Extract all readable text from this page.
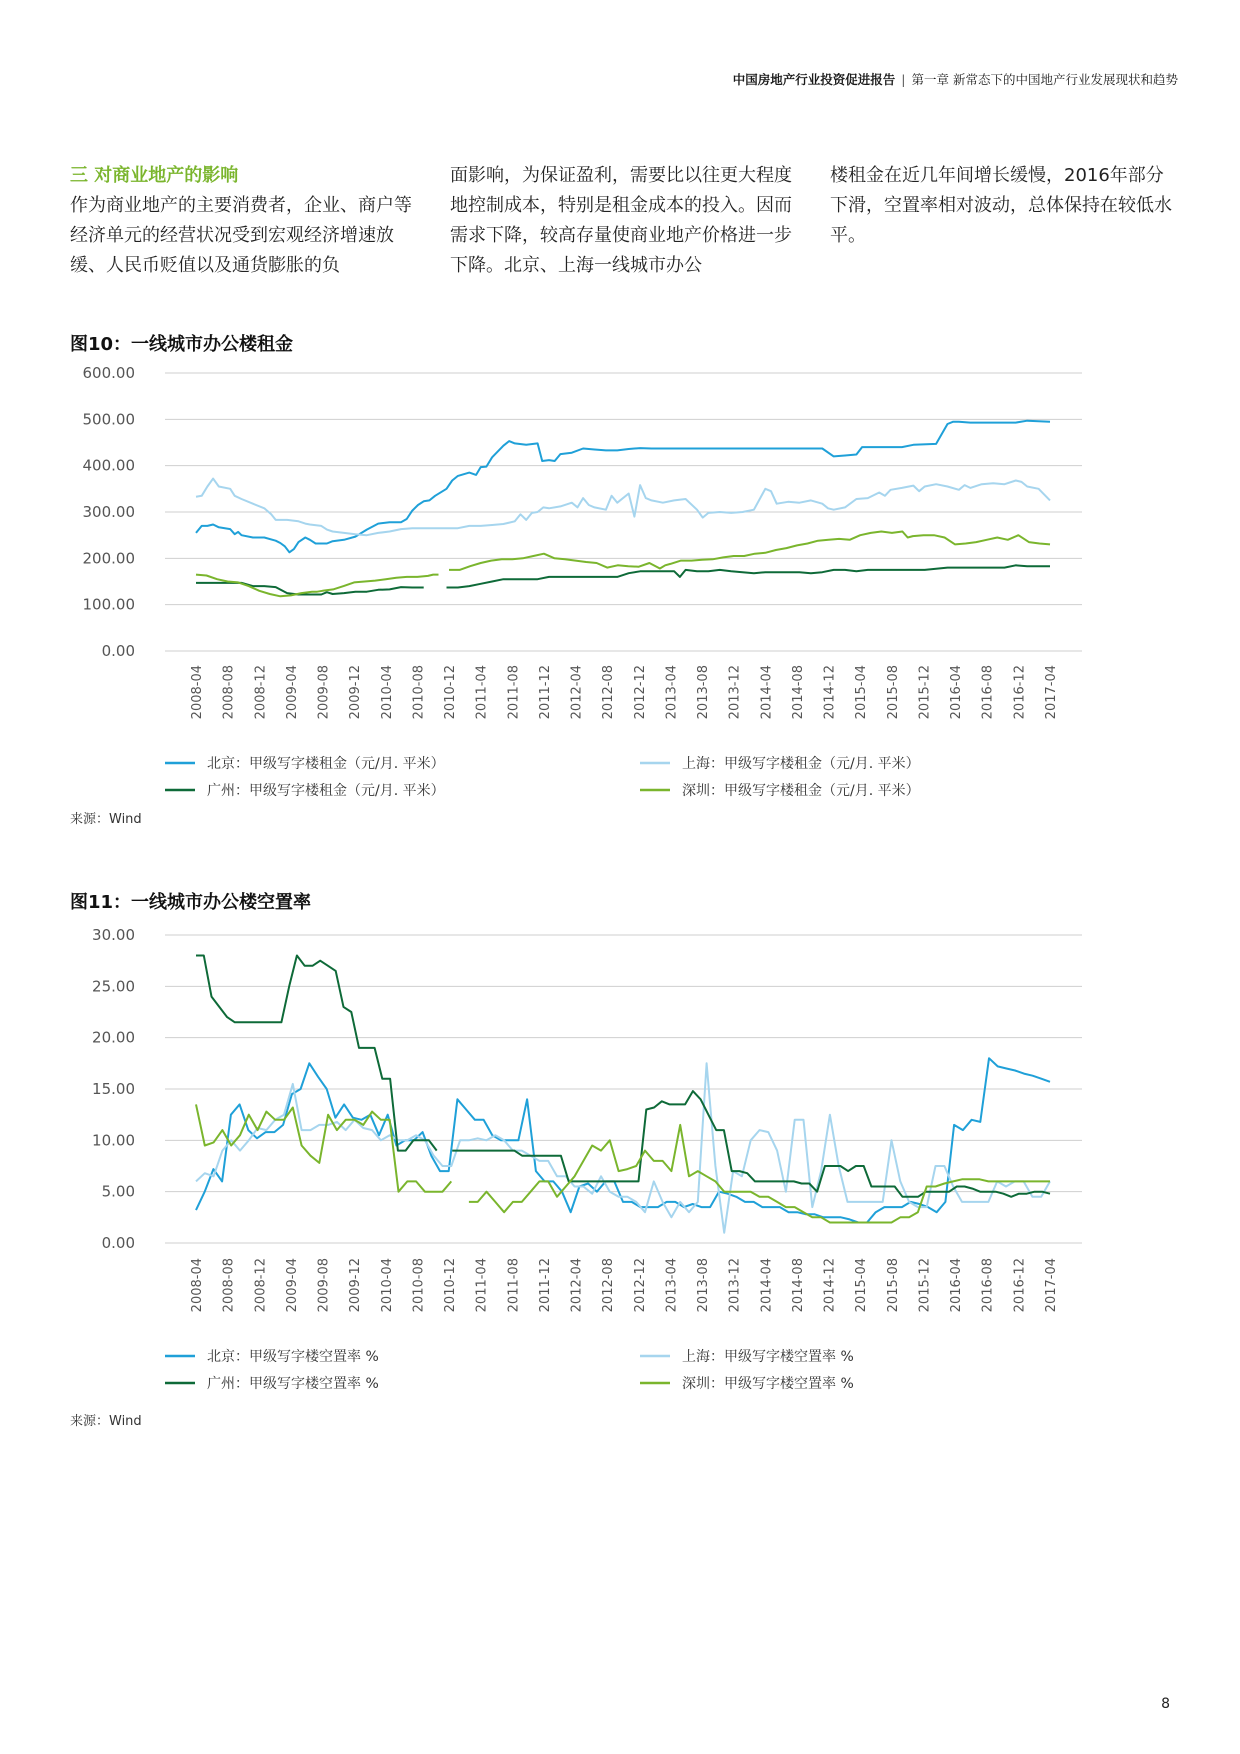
中国房地产行业投资促进报告 | 第一章 新常态下的中国地产行业发展现状和趋势
三 对商业地产的影响
作为商业地产的主要消费者，企业、商户等经济单元的经营状况受到宏观经济增速放缓、人民币贬值以及通货膨胀的负
面影响，为保证盈利，需要比以往更大程度地控制成本，特别是租金成本的投入。因而需求下降，较高存量使商业地产价格进一步下降。北京、上海一线城市办公
楼租金在近几年间增长缓慢，2016年部分下滑，空置率相对波动，总体保持在较低水平。
图10：一线城市办公楼租金
0.00
100.00
200.00
300.00
400.00
500.00
600.00
2008-04 2008-08 2008-12 2009-04 2009-08 2009-12 2010-04 2010-08 2010-12 2011-04 2011-08 2011-12 2012-04 2012-08 2012-12 2013-04 2013-08 2013-12 2014-04 2014-08 2014-12 2015-04 2015-08 2015-12 2016-04 2016-08 2016-12 2017-04
北京：甲级写字楼租金（元/月. 平米）	上海：甲级写字楼租金（元/月. 平米）
广州：甲级写字楼租金（元/月. 平米）	深圳：甲级写字楼租金（元/月. 平米）
来源：Wind
图11：一线城市办公楼空置率
0.00
5.00
10.00
15.00
20.00
25.00
30.00
2008-04 2008-08 2008-12 2009-04 2009-08 2009-12 2010-04 2010-08 2010-12 2011-04 2011-08 2011-12 2012-04 2012-08 2012-12 2013-04 2013-08 2013-12 2014-04 2014-08 2014-12 2015-04 2015-08 2015-12 2016-04 2016-08 2016-12 2017-04
北京：甲级写字楼空置率 %	上海：甲级写字楼空置率 %
广州：甲级写字楼空置率 %	深圳：甲级写字楼空置率 %
来源：Wind
8
